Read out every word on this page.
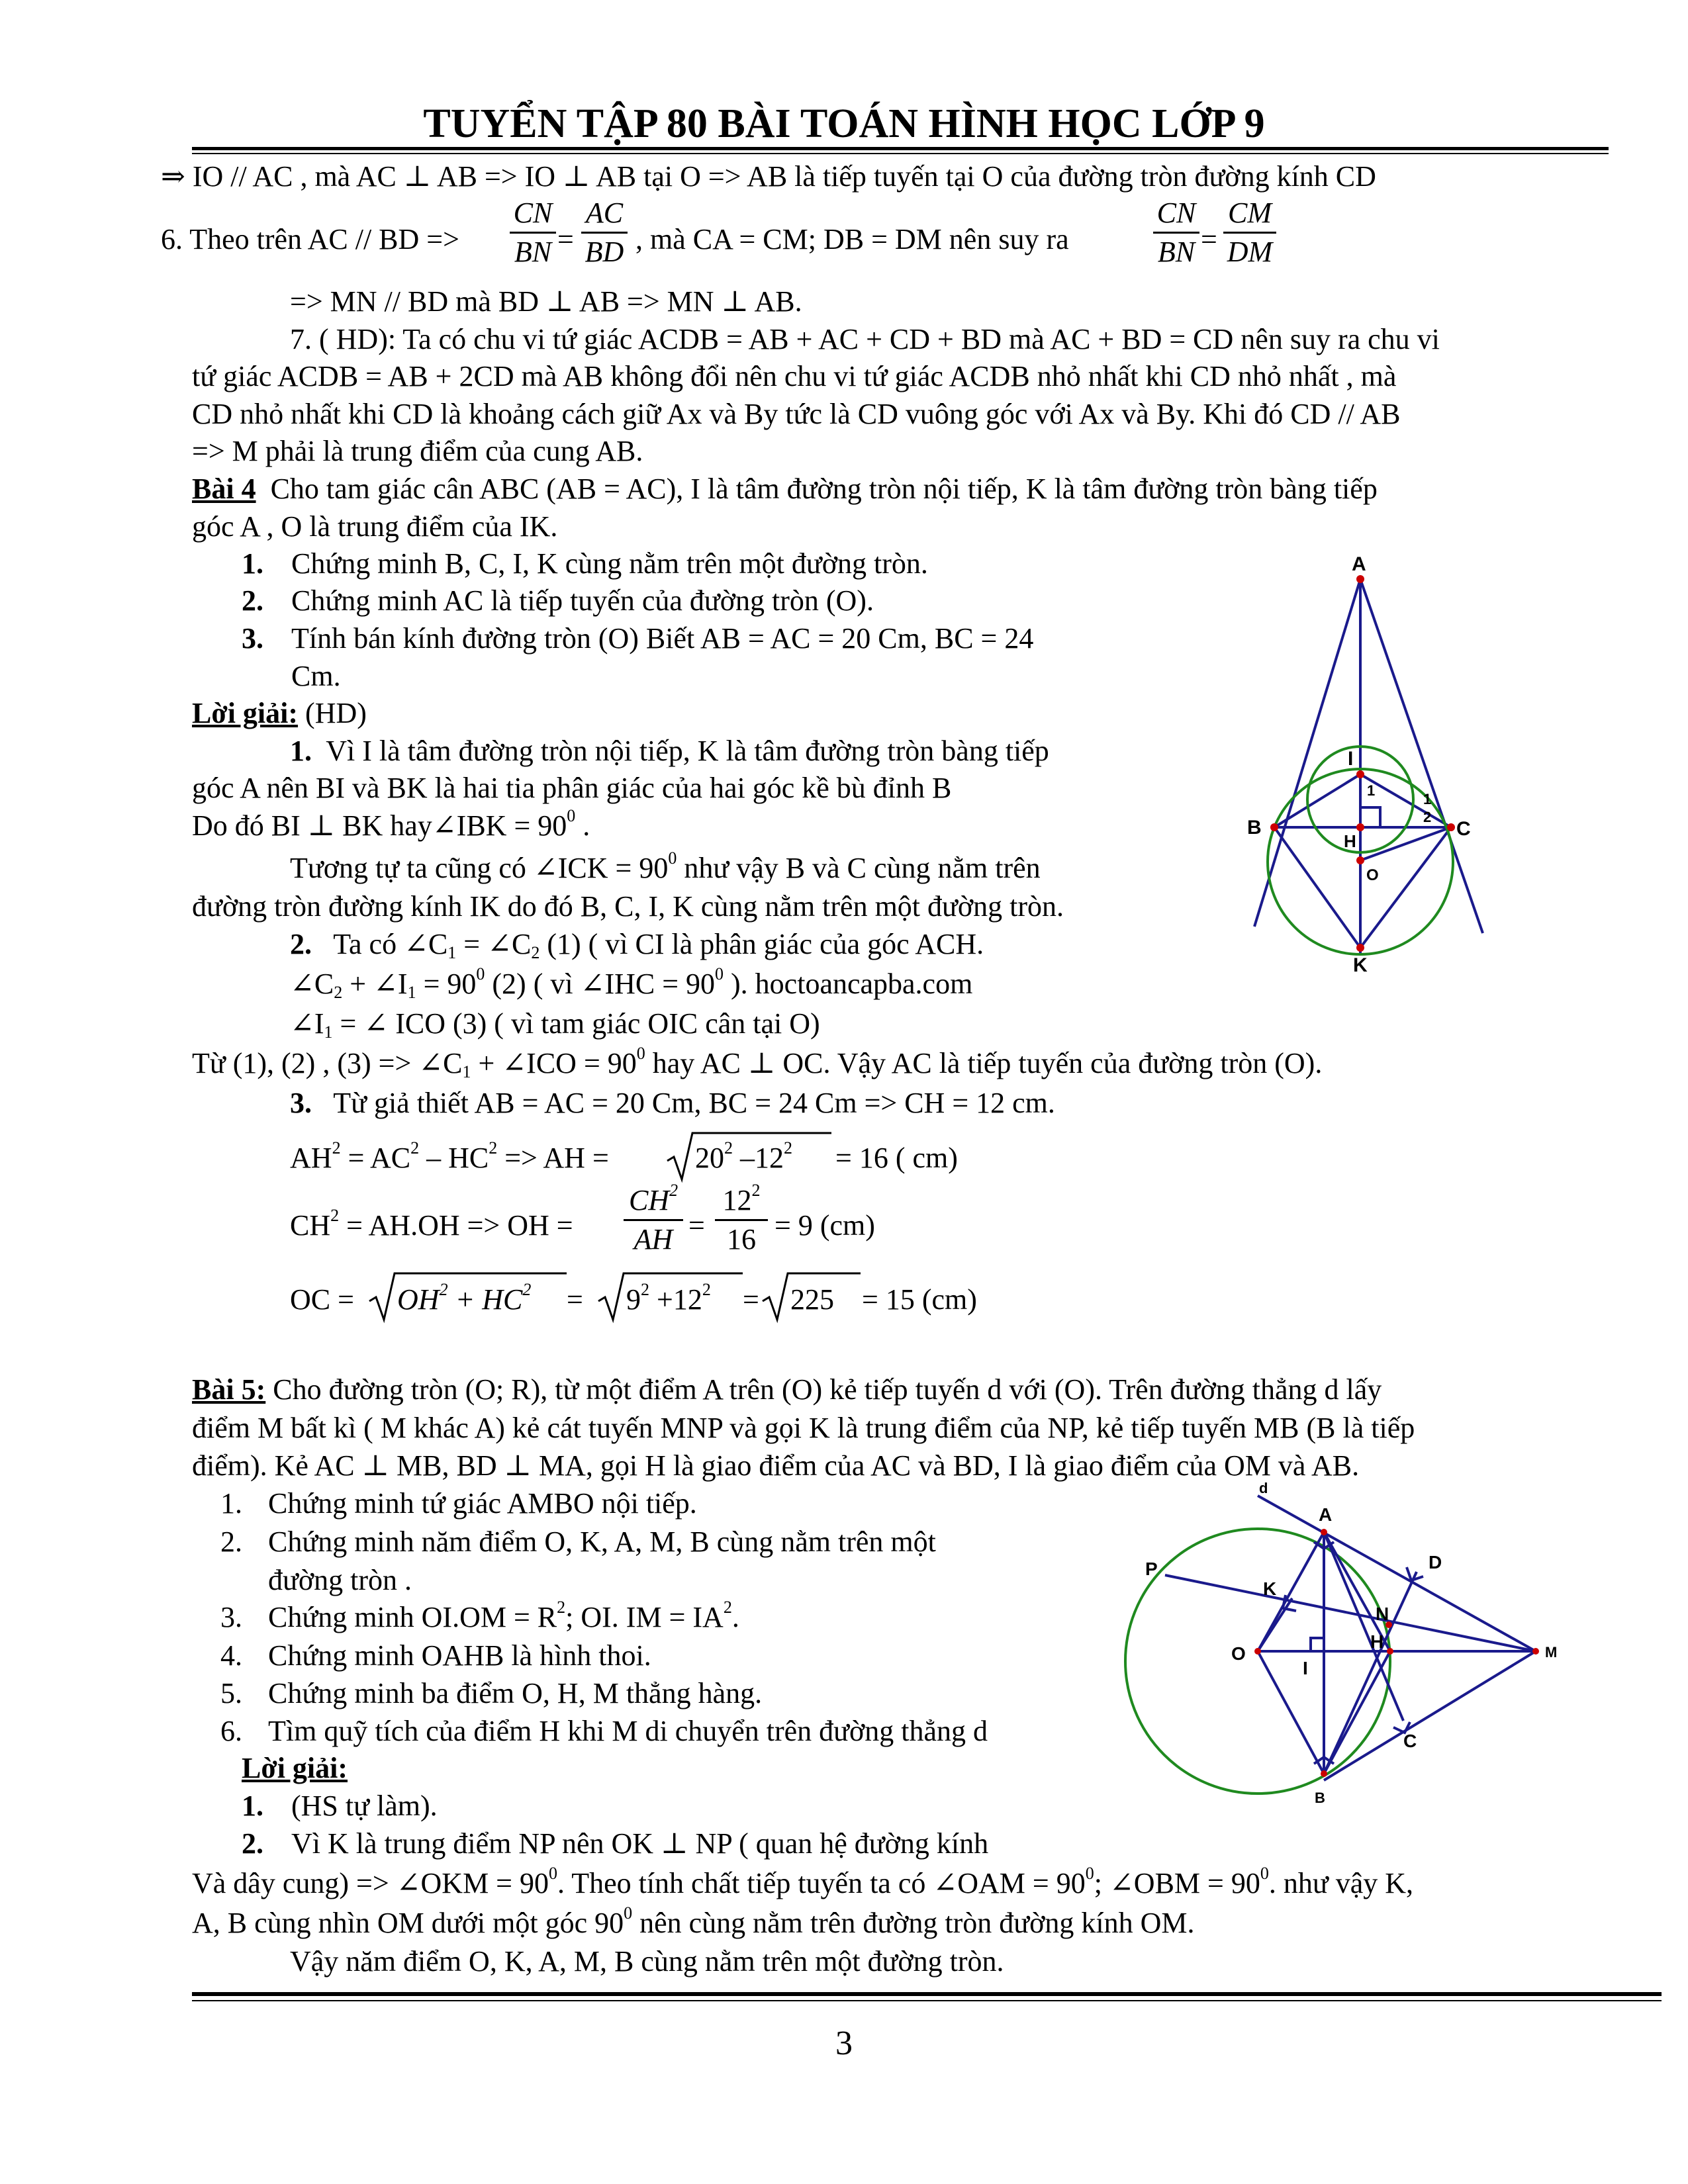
TUYỂN TẬP 80 BÀI TOÁN HÌNH HỌC LỚP 9
⇒ IO // AC , mà AC ⊥ AB => IO ⊥ AB tại O => AB là tiếp tuyến tại O của đường tròn đường kính CD
6. Theo trên AC // BD =>
CN
BN =
AC
BD , mà CA = CM; DB = DM nên suy ra
CN
BN =
CM
DM
=> MN // BD mà BD ⊥ AB => MN ⊥ AB.
7. ( HD): Ta có chu vi tứ giác ACDB = AB + AC + CD + BD mà AC + BD = CD nên suy ra chu vi
tứ giác ACDB = AB + 2CD mà AB không đổi nên chu vi tứ giác ACDB nhỏ nhất khi CD nhỏ nhất , mà
CD nhỏ nhất khi CD là khoảng cách giữ Ax và By tức là CD vuông góc với Ax và By. Khi đó CD // AB
=> M phải là trung điểm của cung AB.
Bài 4 Cho tam giác cân ABC (AB = AC), I là tâm đường tròn nội tiếp, K là tâm đường tròn bàng tiếp
góc A , O là trung điểm của IK.
1. Chứng minh B, C, I, K cùng nằm trên một đường tròn.
2. Chứng minh AC là tiếp tuyến của đường tròn (O).
3. Tính bán kính đường tròn (O) Biết AB = AC = 20 Cm, BC = 24
Cm.
Lời giải: (HD)
1. Vì I là tâm đường tròn nội tiếp, K là tâm đường tròn bàng tiếp
góc A nên BI và BK là hai tia phân giác của hai góc kề bù đỉnh B
Do đó BI ⊥ BK hay∠IBK = $90^0$ .
Tương tự ta cũng có ∠ICK = $90^0$ như vậy B và C cùng nằm trên
đường tròn đường kính IK do đó B, C, I, K cùng nằm trên một đường tròn.
2. Ta có $\angle C_1$ = $\angle C_2$ (1) ( vì CI là phân giác của góc ACH.
$\angle C_2$ + $\angle I_1 = 90^0$ (2) ( vì ∠IHC = $90^0$ ). hoctoancapba.com
$\angle I_1$ = ∠ ICO (3) ( vì tam giác OIC cân tại O)
Từ (1), (2) , $(3) => \angle C_1$ + ∠ICO = $90^0$ hay AC ⊥ OC. Vậy AC là tiếp tuyến của đường tròn (O).
3. Từ giả thiết AB = AC = 20 Cm, BC = 24 Cm => CH = 12 cm.
$AH^2 = AC^2 - HC^2$ => AH =	$20^2$ $-12^2 = 16$ ( cm)
$CH^2 = AH.OH$ => OH =
$CH^2$
AH =
$12^2$
16 = 9 (cm)
OC = $OH^2 + HC^2 = 9^2 +12^2 = 225 = 15$ (cm)
A
I
B	C
H
O
K
1
2
1
Bài 5: Cho đường tròn (O; R), từ một điểm A trên (O) kẻ tiếp tuyến d với (O). Trên đường thẳng d lấy
điểm M bất kì ( M khác A) kẻ cát tuyến MNP và gọi K là trung điểm của NP, kẻ tiếp tuyến MB (B là tiếp
điểm). Kẻ AC ⊥ MB, BD ⊥ MA, gọi H là giao điểm của AC và BD, I là giao điểm của OM và AB.
1. Chứng minh tứ giác AMBO nội tiếp.
2. Chứng minh năm điểm O, K, A, M, B cùng nằm trên một
đường tròn .
3. Chứng minh $OI.OM = R^2$; OI. IM = $IA^2$.
4. Chứng minh OAHB là hình thoi.
5. Chứng minh ba điểm O, H, M thẳng hàng.
6. Tìm quỹ tích của điểm H khi M di chuyển trên đường thẳng d
Lời giải:
1. (HS tự làm).
2. Vì K là trung điểm NP nên OK ⊥ NP ( quan hệ đường kính
Và dây cung) => ∠OKM = $90^0$. Theo tính chất tiếp tuyến ta có ∠OAM = $90^0$; ∠OBM = $90^0$. như vậy K,
A, B cùng nhìn OM dưới một góc $90^0$ nên cùng nằm trên đường tròn đường kính OM.
Vậy năm điểm O, K, A, M, B cùng nằm trên một đường tròn.
d
A
P
K
D
N
O
H
M
I
C
B
3
